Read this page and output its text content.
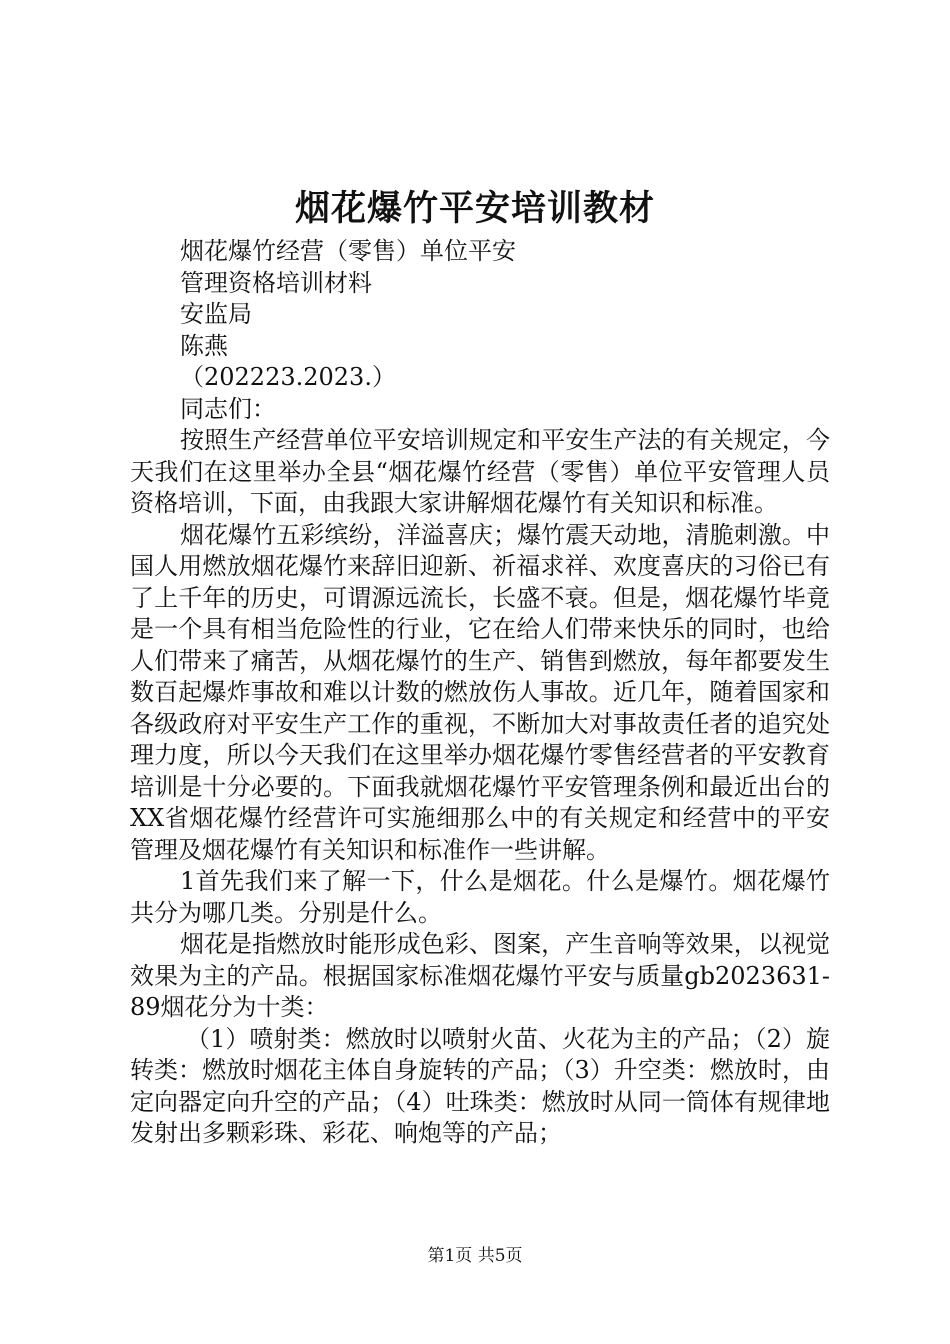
烟花爆竹平安培训教材
烟花爆竹经营（零售）单位平安
管理资格培训材料
安监局
陈燕
（202223.2023.）
同志们：

按照生产经营单位平安培训规定和平安生产法的有关规定，今天我们在这里举办全县“烟花爆竹经营（零售）单位平安管理人员资格培训，下面，由我跟大家讲解烟花爆竹有关知识和标准。

烟花爆竹五彩缤纷，洋溢喜庆；爆竹震天动地，清脆刺激。中国人用燃放烟花爆竹来辞旧迎新、祈福求祥、欢度喜庆的习俗已有了上千年的历史，可谓源远流长，长盛不衰。但是，烟花爆竹毕竟是一个具有相当危险性的行业，它在给人们带来快乐的同时，也给人们带来了痛苦，从烟花爆竹的生产、销售到燃放，每年都要发生数百起爆炸事故和难以计数的燃放伤人事故。近几年，随着国家和各级政府对平安生产工作的重视，不断加大对事故责任者的追究处理力度，所以今天我们在这里举办烟花爆竹零售经营者的平安教育培训是十分必要的。下面我就烟花爆竹平安管理条例和最近出台的XX省烟花爆竹经营许可实施细那么中的有关规定和经营中的平安管理及烟花爆竹有关知识和标准作一些讲解。

1首先我们来了解一下，什么是烟花。什么是爆竹。烟花爆竹共分为哪几类。分别是什么。

烟花是指燃放时能形成色彩、图案，产生音响等效果，以视觉效果为主的产品。根据国家标准烟花爆竹平安与质量gb2023631-89烟花分为十类：

（1）喷射类：燃放时以喷射火苗、火花为主的产品；（2）旋转类：燃放时烟花主体自身旋转的产品；（3）升空类：燃放时，由定向器定向升空的产品；（4）吐珠类：燃放时从同一筒体有规律地发射出多颗彩珠、彩花、响炮等的产品；

第1页 共5页
